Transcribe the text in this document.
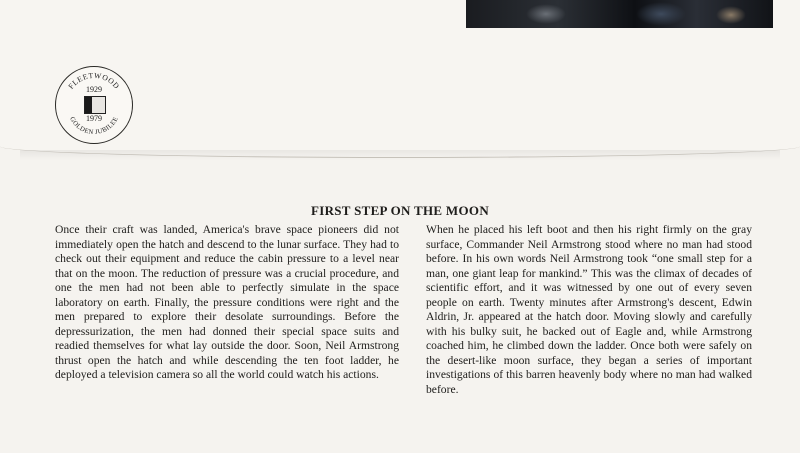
FLEETWOOD
GOLDEN JUBILEE
1929
1979
FIRST STEP ON THE MOON
Once their craft was landed, America's brave space pioneers did not immediately open the hatch and descend to the lunar surface. They had to check out their equipment and reduce the cabin pressure to a level near that on the moon. The reduction of pressure was a crucial procedure, and one the men had not been able to perfectly simulate in the space laboratory on earth. Finally, the pressure conditions were right and the men prepared to explore their desolate surroundings. Before the depressurization, the men had donned their special space suits and readied themselves for what lay outside the door. Soon, Neil Armstrong thrust open the hatch and while descending the ten foot ladder, he deployed a television camera so all the world could watch his actions.
When he placed his left boot and then his right firmly on the gray surface, Commander Neil Armstrong stood where no man had stood before. In his own words Neil Armstrong took “one small step for a man, one giant leap for mankind.” This was the climax of decades of scientific effort, and it was witnessed by one out of every seven people on earth. Twenty minutes after Armstrong's descent, Edwin Aldrin, Jr. appeared at the hatch door. Moving slowly and carefully with his bulky suit, he backed out of Eagle and, while Armstrong coached him, he climbed down the ladder. Once both were safely on the desert-like moon surface, they began a series of important investigations of this barren heavenly body where no man had walked before.
